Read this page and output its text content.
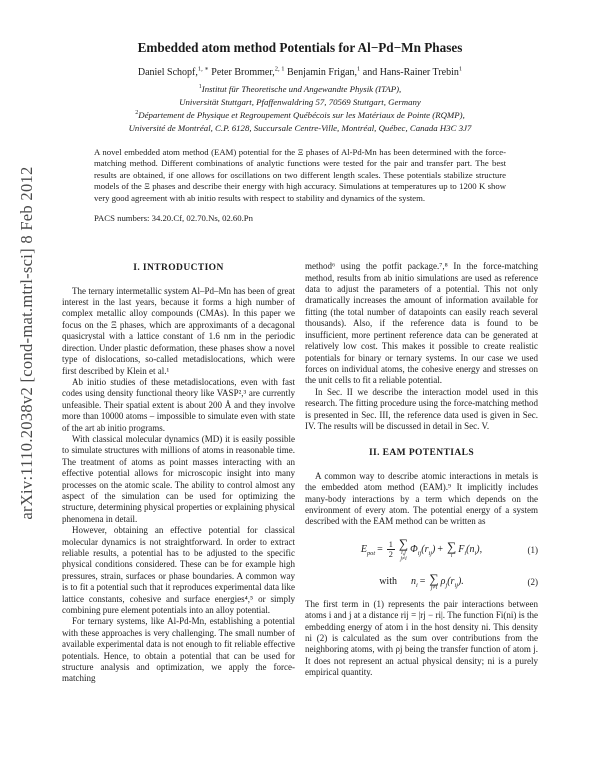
arXiv:1110.2038v2 [cond-mat.mtrl-sci] 8 Feb 2012
Embedded atom method Potentials for Al−Pd−Mn Phases
Daniel Schopf,$^{1, ∗}$ Peter Brommer,$^{2, 1}$ Benjamin Frigan,$^1$ and Hans-Rainer Trebin$^1$
$^1$Institut für Theoretische und Angewandte Physik (ITAP),
Universität Stuttgart, Pfaffenwaldring 57, 70569 Stuttgart, Germany
$^2$Département de Physique et Regroupement Québécois sur les Matériaux de Pointe (RQMP),
Université de Montréal, C.P. 6128, Succursale Centre-Ville, Montréal, Québec, Canada H3C 3J7
A novel embedded atom method (EAM) potential for the Ξ phases of Al-Pd-Mn has been determined with the force-matching method. Different combinations of analytic functions were tested for the pair and transfer part. The best results are obtained, if one allows for oscillations on two different length scales. These potentials stabilize structure models of the Ξ phases and describe their energy with high accuracy. Simulations at temperatures up to 1200 K show very good agreement with ab initio results with respect to stability and dynamics of the system.
PACS numbers: 34.20.Cf, 02.70.Ns, 02.60.Pn
I. INTRODUCTION

The ternary intermetallic system Al–Pd–Mn has been of great interest in the last years, because it forms a high number of complex metallic alloy compounds (CMAs). In this paper we focus on the Ξ phases, which are approximants of a decagonal quasicrystal with a lattice constant of 1.6 nm in the periodic direction. Under plastic deformation, these phases show a novel type of dislocations, so-called metadislocations, which were first described by Klein et al.¹

Ab initio studies of these metadislocations, even with fast codes using density functional theory like VASP²,³ are currently unfeasible. Their spatial extent is about 200 Å and they involve more than 10000 atoms – impossible to simulate even with state of the art ab initio programs.

With classical molecular dynamics (MD) it is easily possible to simulate structures with millions of atoms in reasonable time. The treatment of atoms as point masses interacting with an effective potential allows for microscopic insight into many processes on the atomic scale. The ability to control almost any aspect of the simulation can be used for optimizing the structure, determining physical properties or explaining physical phenomena in detail.

However, obtaining an effective potential for classical molecular dynamics is not straightforward. In order to extract reliable results, a potential has to be adjusted to the specific physical conditions considered. These can be for example high pressures, strain, surfaces or phase boundaries. A common way is to fit a potential such that it reproduces experimental data like lattice constants, cohesive and surface energies⁴,⁵ or simply combining pure element potentials into an alloy potential.

For ternary systems, like Al-Pd-Mn, establishing a potential with these approaches is very challenging. The small number of available experimental data is not enough to fit reliable effective potentials. Hence, to obtain a potential that can be used for structure analysis and optimization, we apply the force-matching

method⁶ using the potfit package.⁷,⁸ In the force-matching method, results from ab initio simulations are used as reference data to adjust the parameters of a potential. This not only dramatically increases the amount of information available for fitting (the total number of datapoints can easily reach several thousands). Also, if the reference data is found to be insufficient, more pertinent reference data can be generated at relatively low cost. This makes it possible to create realistic potentials for binary or ternary systems. In our case we used forces on individual atoms, the cohesive energy and stresses on the unit cells to fit a reliable potential.

In Sec. II we describe the interaction model used in this research. The fitting procedure using the force-matching method is presented in Sec. III, the reference data used is given in Sec. IV. The results will be discussed in detail in Sec. V.

II. EAM POTENTIALS

A common way to describe atomic interactions in metals is the embedded atom method (EAM).⁹ It implicitly includes many-body interactions by a term which depends on the environment of every atom. The potential energy of a system described with the EAM method can be written as

$E_{pot} = \frac{1}{2}$ ∑
i,j
j≠i
$\Phi_{ij}(r_{ij})$ + ∑
i
$F_i(n_i)$,	(1)
with $n_i$ = ∑
j≠i
$\rho_j(r_{ij})$.	(2)

The first term in (1) represents the pair interactions between atoms i and j at a distance rij = |rj − ri|. The function Fi(ni) is the embedding energy of atom i in the host density ni. This density ni (2) is calculated as the sum over contributions from the neighboring atoms, with ρj being the transfer function of atom j. It does not represent an actual physical density; ni is a purely empirical quantity.
